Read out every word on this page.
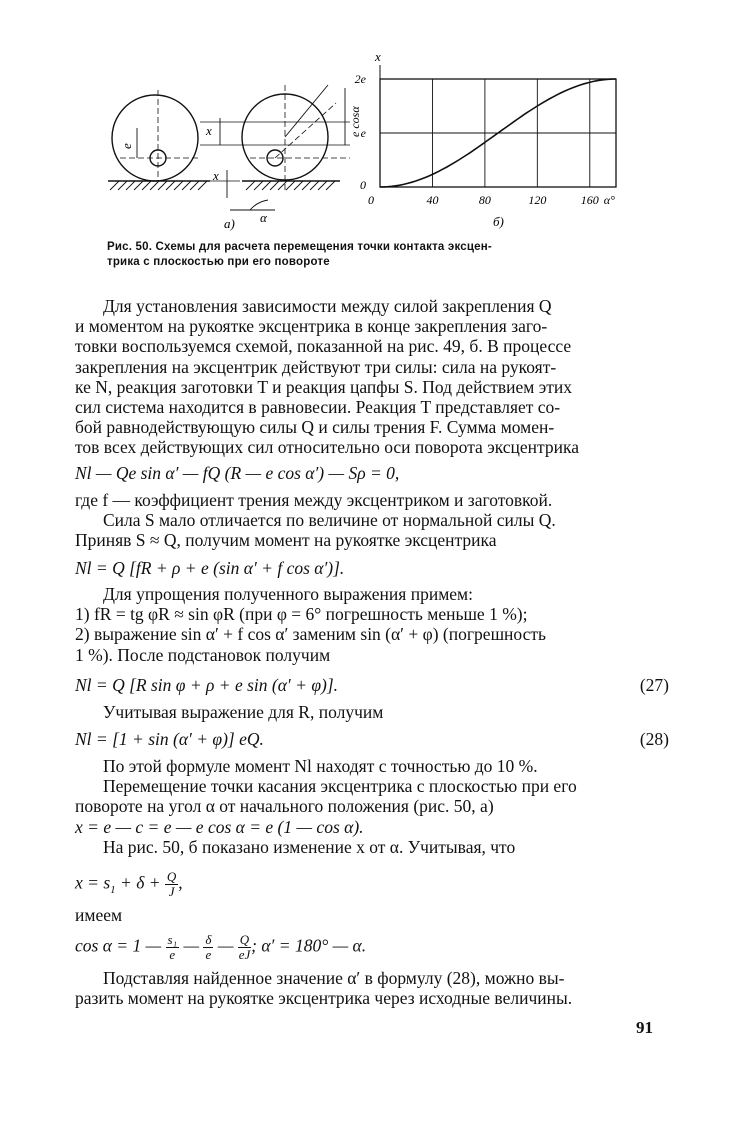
e
x
x
e cosα
α
а)
x
0
e
2e
0	40	80	120	160 α°
б)
Рис. 50. Схемы для расчета перемещения точки контакта эксцен-
трика с плоскостью при его повороте
Для установления зависимости между силой закрепления Q
и моментом на рукоятке эксцентрика в конце закрепления заго-
товки воспользуемся схемой, показанной на рис. 49, б. В процессе
закрепления на эксцентрик действуют три силы: сила на рукоят-
ке N, реакция заготовки T и реакция цапфы S. Под действием этих
сил система находится в равновесии. Реакция T представляет со-
бой равнодействующую силы Q и силы трения F. Сумма момен-
тов всех действующих сил относительно оси поворота эксцентрика
Nl — Qe sin α′ — fQ (R — e cos α′) — Sρ = 0,
где f — коэффициент трения между эксцентриком и заготовкой.
Сила S мало отличается по величине от нормальной силы Q.
Приняв S ≈ Q, получим момент на рукоятке эксцентрика
Nl = Q [fR + ρ + e (sin α′ + f cos α′)].
Для упрощения полученного выражения примем:
1) fR = tg φR ≈ sin φR (при φ = 6° погрешность меньше 1 %);
2) выражение sin α′ + f cos α′ заменим sin (α′ + φ) (погрешность
1 %). После подстановок получим
Nl = Q [R sin φ + ρ + e sin (α′ + φ)].	(27)
Учитывая выражение для R, получим
Nl = [1 + sin (α′ + φ)] eQ.	(28)
По этой формуле момент Nl находят с точностью до 10 %.
Перемещение точки касания эксцентрика с плоскостью при его
повороте на угол α от начального положения (рис. 50, а)
x = e — c = e — e cos α = e (1 — cos α).
На рис. 50, б показано изменение x от α. Учитывая, что
$x = s_1 + \delta + \frac{Q}{J}$ ,
имеем
cos α = 1 — $\frac{\text{s₁}}{e}$ — $\frac{\delta}{e}$ — $\frac{Q}{eJ}$ ; α′ = 180° — α.
Подставляя найденное значение α′ в формулу (28), можно вы-
разить момент на рукоятке эксцентрика через исходные величины.
91
